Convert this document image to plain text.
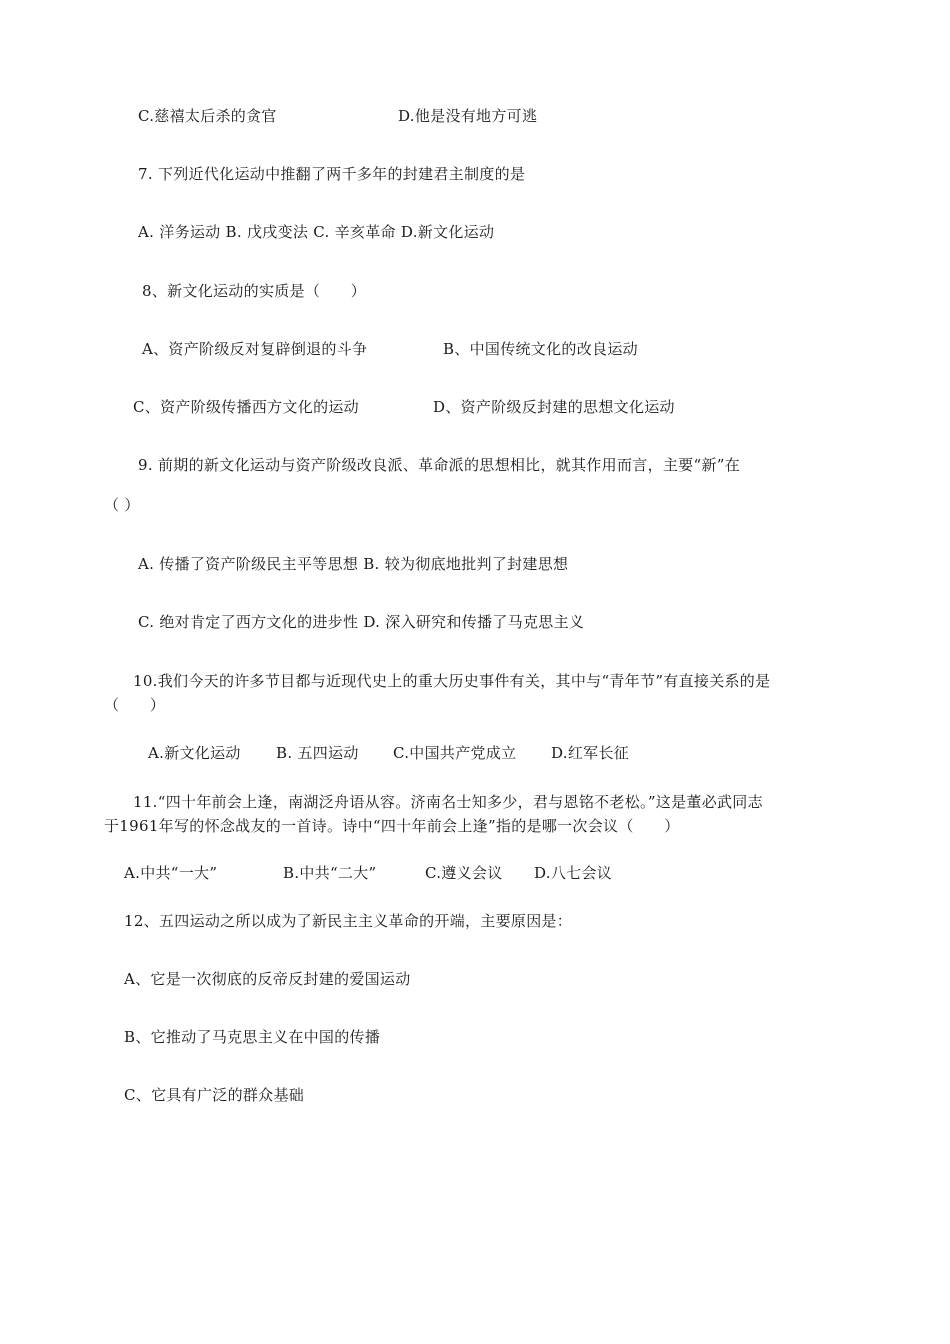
C.慈禧太后杀的贪官	D.他是没有地方可逃
7. 下列近代化运动中推翻了两千多年的封建君主制度的是
A. 洋务运动 B. 戊戌变法 C. 辛亥革命 D.新文化运动
8、新文化运动的实质是（　　）
A、资产阶级反对复辟倒退的斗争	B、中国传统文化的改良运动
C、资产阶级传播西方文化的运动	D、资产阶级反封建的思想文化运动
9. 前期的新文化运动与资产阶级改良派、革命派的思想相比，就其作用而言，主要“新”在
（ ）
A. 传播了资产阶级民主平等思想 B. 较为彻底地批判了封建思想
C. 绝对肯定了西方文化的进步性 D. 深入研究和传播了马克思主义
10.我们今天的许多节目都与近现代史上的重大历史事件有关，其中与“青年节”有直接关系的是
（　　）
A.新文化运动 B. 五四运动 C.中国共产党成立 D.红军长征
11.“四十年前会上逢，南湖泛舟语从容。济南名士知多少，君与恩铭不老松。”这是董必武同志
于1961年写的怀念战友的一首诗。诗中“四十年前会上逢”指的是哪一次会议（　　）
A.中共“一大”	B.中共“二大”	C.遵义会议 D.八七会议
12、五四运动之所以成为了新民主主义革命的开端，主要原因是：
A、它是一次彻底的反帝反封建的爱国运动
B、它推动了马克思主义在中国的传播
C、它具有广泛的群众基础
